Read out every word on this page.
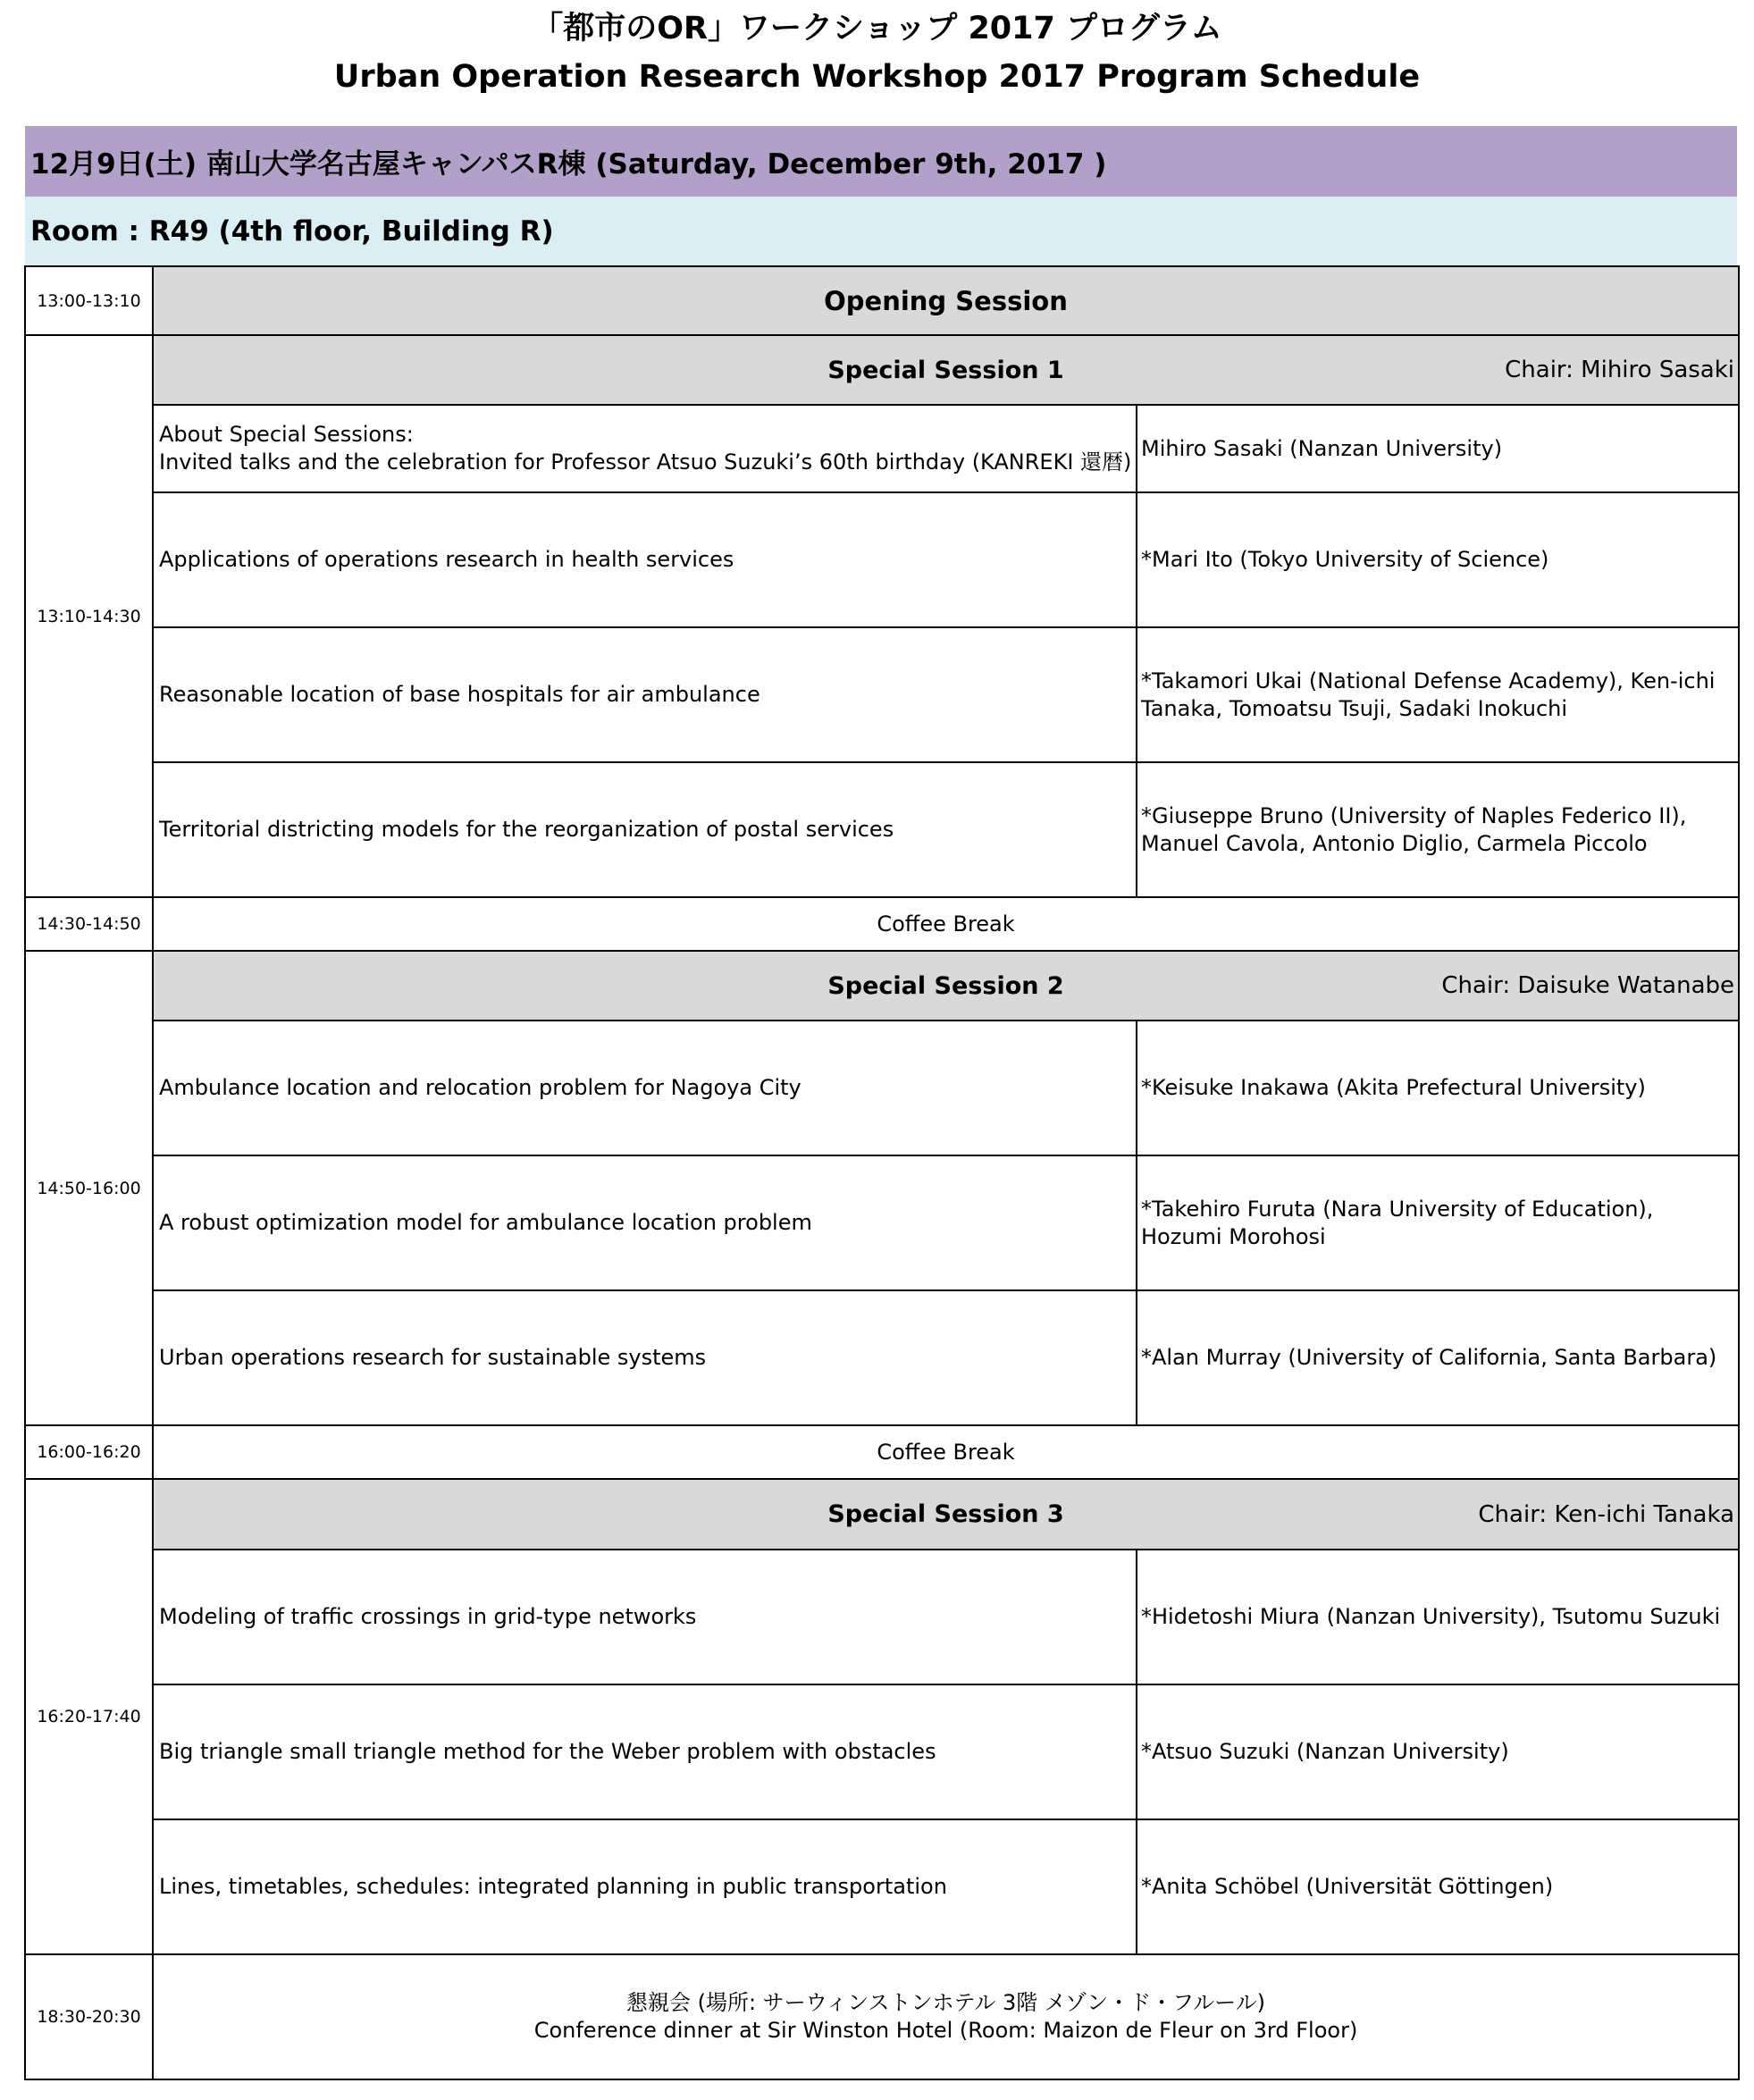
「都市のOR」ワークショップ 2017 プログラム
Urban Operation Research Workshop 2017 Program Schedule
12月9日(土) 南山大学名古屋キャンパスR棟 (Saturday, December 9th, 2017 )
Room : R49 (4th floor, Building R)
13:00-13:10	Opening Session	
13:10-14:30	Special Session 1 Chair: Mihiro Sasaki	

	About Special Sessions:
Invited talks and the celebration for Professor Atsuo Suzuki’s 60th birthday (KANREKI 還暦)	Mihiro Sasaki (Nanzan University)
	Applications of operations research in health services	*Mari Ito (Tokyo University of Science)
	Reasonable location of base hospitals for air ambulance	*Takamori Ukai (National Defense Academy), Ken-ichi Tanaka, Tomoatsu Tsuji, Sadaki Inokuchi
	Territorial districting models for the reorganization of postal services	*Giuseppe Bruno (University of Naples Federico II), Manuel Cavola, Antonio Diglio, Carmela Piccolo
14:30-14:50	Coffee Break	
14:50-16:00	Special Session 2 Chair: Daisuke Watanabe	

	Ambulance location and relocation problem for Nagoya City	*Keisuke Inakawa (Akita Prefectural University)
	A robust optimization model for ambulance location problem	*Takehiro Furuta (Nara University of Education), Hozumi Morohosi
	Urban operations research for sustainable systems	*Alan Murray (University of California, Santa Barbara)
16:00-16:20	Coffee Break	
16:20-17:40	Special Session 3 Chair: Ken-ichi Tanaka	

	Modeling of traffic crossings in grid-type networks	*Hidetoshi Miura (Nanzan University), Tsutomu Suzuki
	Big triangle small triangle method for the Weber problem with obstacles	*Atsuo Suzuki (Nanzan University)
	Lines, timetables, schedules: integrated planning in public transportation	*Anita Schöbel (Universität Göttingen)
18:30-20:30	懇親会 (場所: サーウィンストンホテル 3階 メゾン・ド・フルール)
Conference dinner at Sir Winston Hotel (Room: Maizon de Fleur on 3rd Floor)	
